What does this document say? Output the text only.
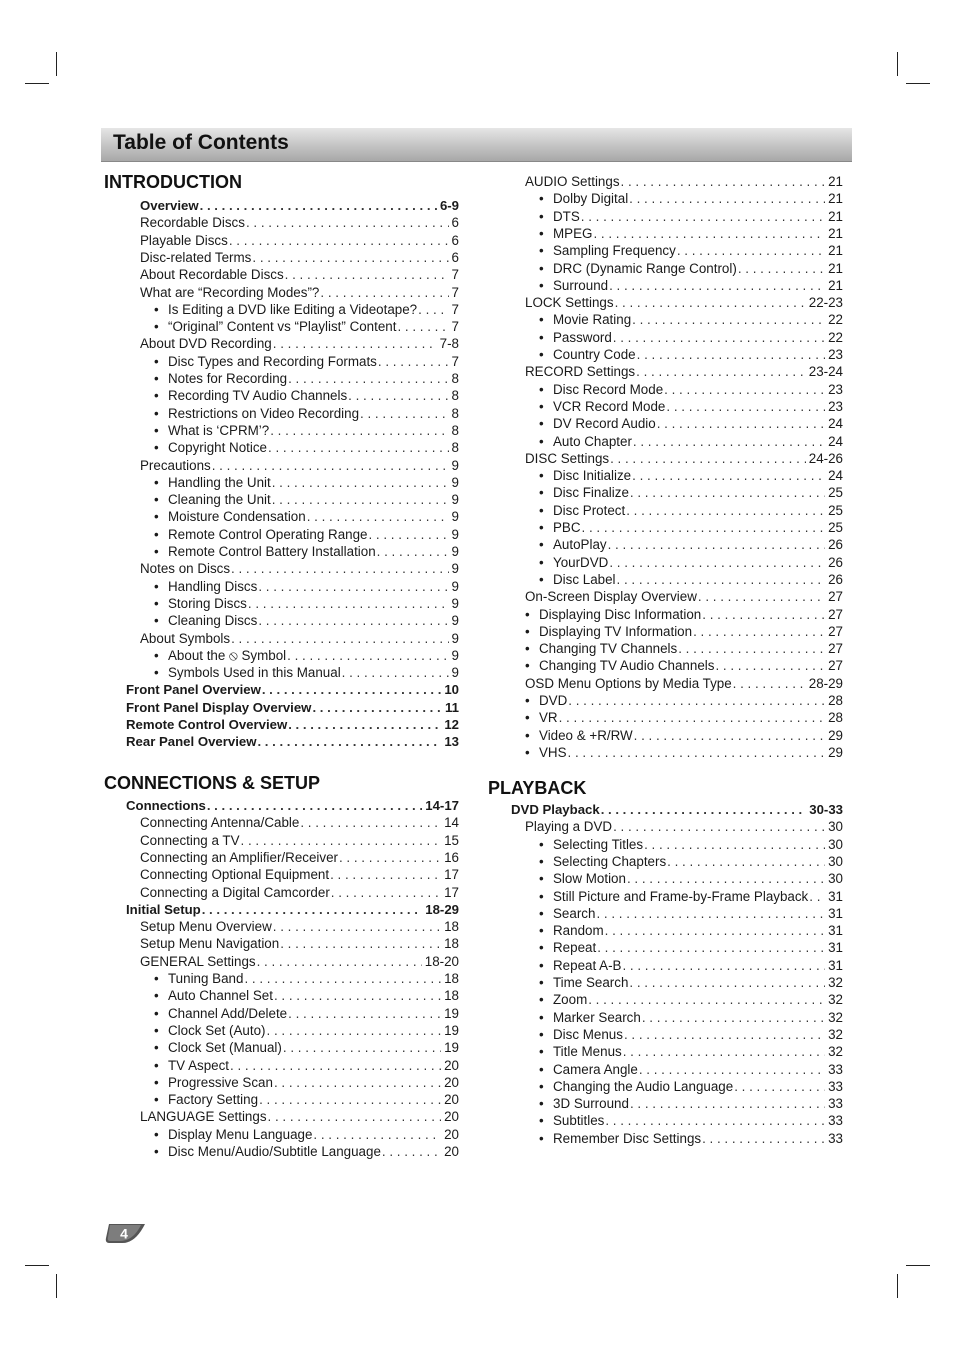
Table of Contents
INTRODUCTION
Overview . . .	6-9
Recordable Discs . . .	6
Playable Discs . . .	6
Disc-related Terms . . .	6
About Recordable Discs . . .	7
What are “Recording Modes”? . . .	7
• Is Editing a DVD like Editing a Videotape? . . .	7
• “Original” Content vs “Playlist” Content . . .	7
About DVD Recording . . .	7-8
• Disc Types and Recording Formats . . .	7
• Notes for Recording . . .	8
• Recording TV Audio Channels . . .	8
• Restrictions on Video Recording . . .	8
• What is ‘CPRM’? . . .	8
• Copyright Notice . . .	8
Precautions . . .	9
• Handling the Unit . . .	9
• Cleaning the Unit . . .	9
• Moisture Condensation . . .	9
• Remote Control Operating Range . . .	9
• Remote Control Battery Installation . . .	9
Notes on Discs . . .	9
• Handling Discs . . .	9
• Storing Discs . . .	9
• Cleaning Discs . . .	9
About Symbols . . .	9
• About the ⦸ Symbol . . .	9
• Symbols Used in this Manual . . .	9
Front Panel Overview . . .	10
Front Panel Display Overview . . .	11
Remote Control Overview . . .	12
Rear Panel Overview . . .	13
CONNECTIONS & SETUP
Connections . . .	14-17
Connecting Antenna/Cable . . .	14
Connecting a TV . . .	15
Connecting an Amplifier/Receiver . . .	16
Connecting Optional Equipment . . .	17
Connecting a Digital Camcorder . . .	17
Initial Setup . . .	18-29
Setup Menu Overview . . .	18
Setup Menu Navigation . . .	18
GENERAL Settings . . .	18-20
• Tuning Band . . .	18
• Auto Channel Set . . .	18
• Channel Add/Delete . . .	19
• Clock Set (Auto) . . .	19
• Clock Set (Manual) . . .	19
• TV Aspect . . .	20
• Progressive Scan . . .	20
• Factory Setting . . .	20
LANGUAGE Settings . . .	20
• Display Menu Language . . .	20
• Disc Menu/Audio/Subtitle Language . . .	20
AUDIO Settings . . .	21
• Dolby Digital . . .	21
• DTS . . .	21
• MPEG . . .	21
• Sampling Frequency . . .	21
• DRC (Dynamic Range Control) . . .	21
• Surround . . .	21
LOCK Settings . . .	22-23
• Movie Rating . . .	22
• Password . . .	22
• Country Code . . .	23
RECORD Settings . . .	23-24
• Disc Record Mode . . .	23
• VCR Record Mode . . .	23
• DV Record Audio . . .	24
• Auto Chapter . . .	24
DISC Settings . . .	24-26
• Disc Initialize . . .	24
• Disc Finalize . . .	25
• Disc Protect . . .	25
• PBC . . .	25
• AutoPlay . . .	26
• YourDVD . . .	26
• Disc Label . . .	26
On-Screen Display Overview . . .	27
• Displaying Disc Information . . .	27
• Displaying TV Information . . .	27
• Changing TV Channels . . .	27
• Changing TV Audio Channels . . .	27
OSD Menu Options by Media Type . . .	28-29
• DVD . . .	28
• VR . . .	28
• Video & +R/RW . . .	29
• VHS . . .	29
PLAYBACK
DVD Playback . . .	30-33
Playing a DVD . . .	30
• Selecting Titles . . .	30
• Selecting Chapters . . .	30
• Slow Motion . . .	30
• Still Picture and Frame-by-Frame Playback . . . 31
• Search . . .	31
• Random . . .	31
• Repeat . . .	31
• Repeat A-B . . .	31
• Time Search . . .	32
• Zoom . . .	32
• Marker Search . . .	32
• Disc Menus . . .	32
• Title Menus . . .	32
• Camera Angle . . .	33
• Changing the Audio Language . . .	33
• 3D Surround . . .	33
• Subtitles . . .	33
• Remember Disc Settings . . .	33
4
